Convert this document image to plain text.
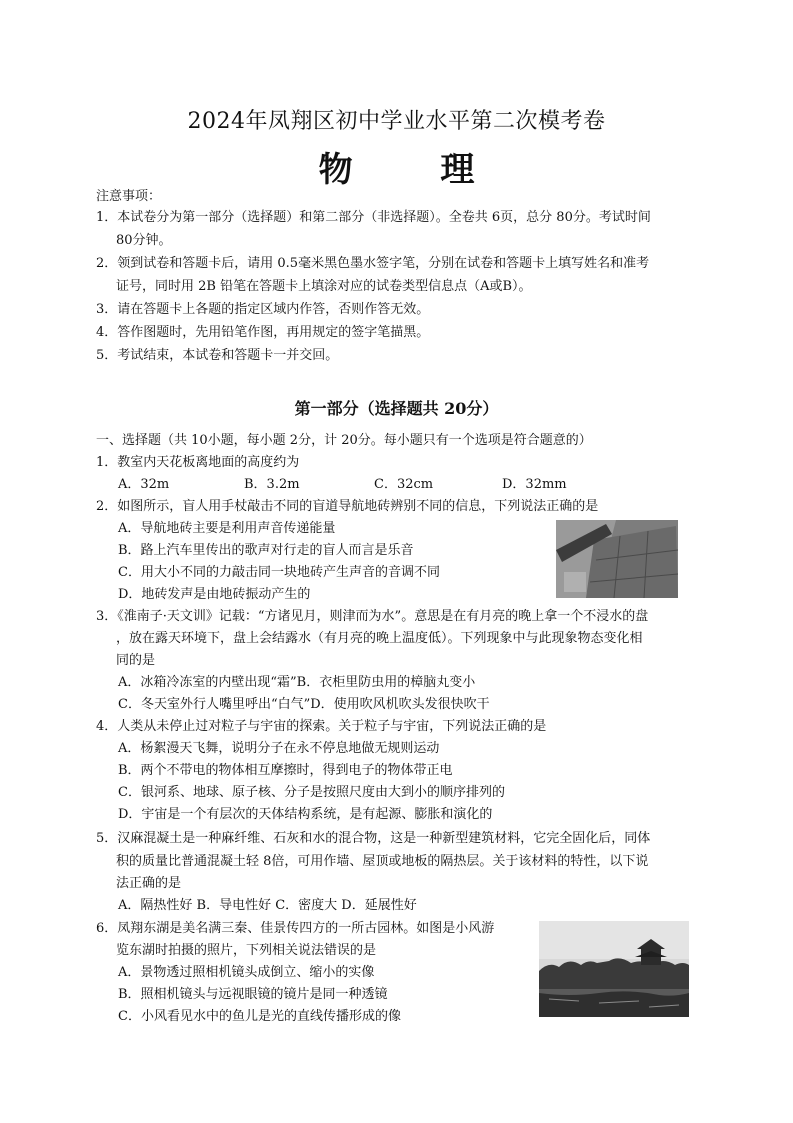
2024年凤翔区初中学业水平第二次模考卷
物 理
注意事项：
1．本试卷分为第一部分（选择题）和第二部分（非选择题）。全卷共 6页，总分 80分。考试时间
80分钟。
2．领到试卷和答题卡后，请用 0.5毫米黑色墨水签字笔，分别在试卷和答题卡上填写姓名和准考
证号，同时用 2B 铅笔在答题卡上填涂对应的试卷类型信息点（A或B）。
3．请在答题卡上各题的指定区域内作答，否则作答无效。
4．答作图题时，先用铅笔作图，再用规定的签字笔描黑。
5．考试结束，本试卷和答题卡一并交回。
第一部分（选择题共 20分）
一、选择题（共 10小题，每小题 2分，计 20分。每小题只有一个选项是符合题意的）
1．教室内天花板离地面的高度约为
A．32m	B．3.2m	C．32cm	D．32mm
2．如图所示，盲人用手杖敲击不同的盲道导航地砖辨别不同的信息，下列说法正确的是
A．导航地砖主要是利用声音传递能量
B．路上汽车里传出的歌声对行走的盲人而言是乐音
C．用大小不同的力敲击同一块地砖产生声音的音调不同
D．地砖发声是由地砖振动产生的
3．《淮南子·天文训》记载：“方诸见月，则津而为水”。意思是在有月亮的晚上拿一个不浸水的盘
，放在露天环境下，盘上会结露水（有月亮的晚上温度低）。下列现象中与此现象物态变化相
同的是
A．冰箱冷冻室的内壁出现“霜”B．衣柜里防虫用的樟脑丸变小
C．冬天室外行人嘴里呼出“白气”D．使用吹风机吹头发很快吹干
4．人类从未停止过对粒子与宇宙的探索。关于粒子与宇宙，下列说法正确的是
A．杨絮漫天飞舞，说明分子在永不停息地做无规则运动
B．两个不带电的物体相互摩擦时，得到电子的物体带正电
C．银河系、地球、原子核、分子是按照尺度由大到小的顺序排列的
D．宇宙是一个有层次的天体结构系统，是有起源、膨胀和演化的
5．汉麻混凝土是一种麻纤维、石灰和水的混合物，这是一种新型建筑材料，它完全固化后，同体
积的质量比普通混凝土轻 8倍，可用作墙、屋顶或地板的隔热层。关于该材料的特性，以下说
法正确的是
A．隔热性好 B．导电性好 C．密度大 D．延展性好
6．凤翔东湖是美名满三秦、佳景传四方的一所古园林。如图是小风游
览东湖时拍摄的照片，下列相关说法错误的是
A．景物透过照相机镜头成倒立、缩小的实像
B．照相机镜头与远视眼镜的镜片是同一种透镜
C．小风看见水中的鱼儿是光的直线传播形成的像
